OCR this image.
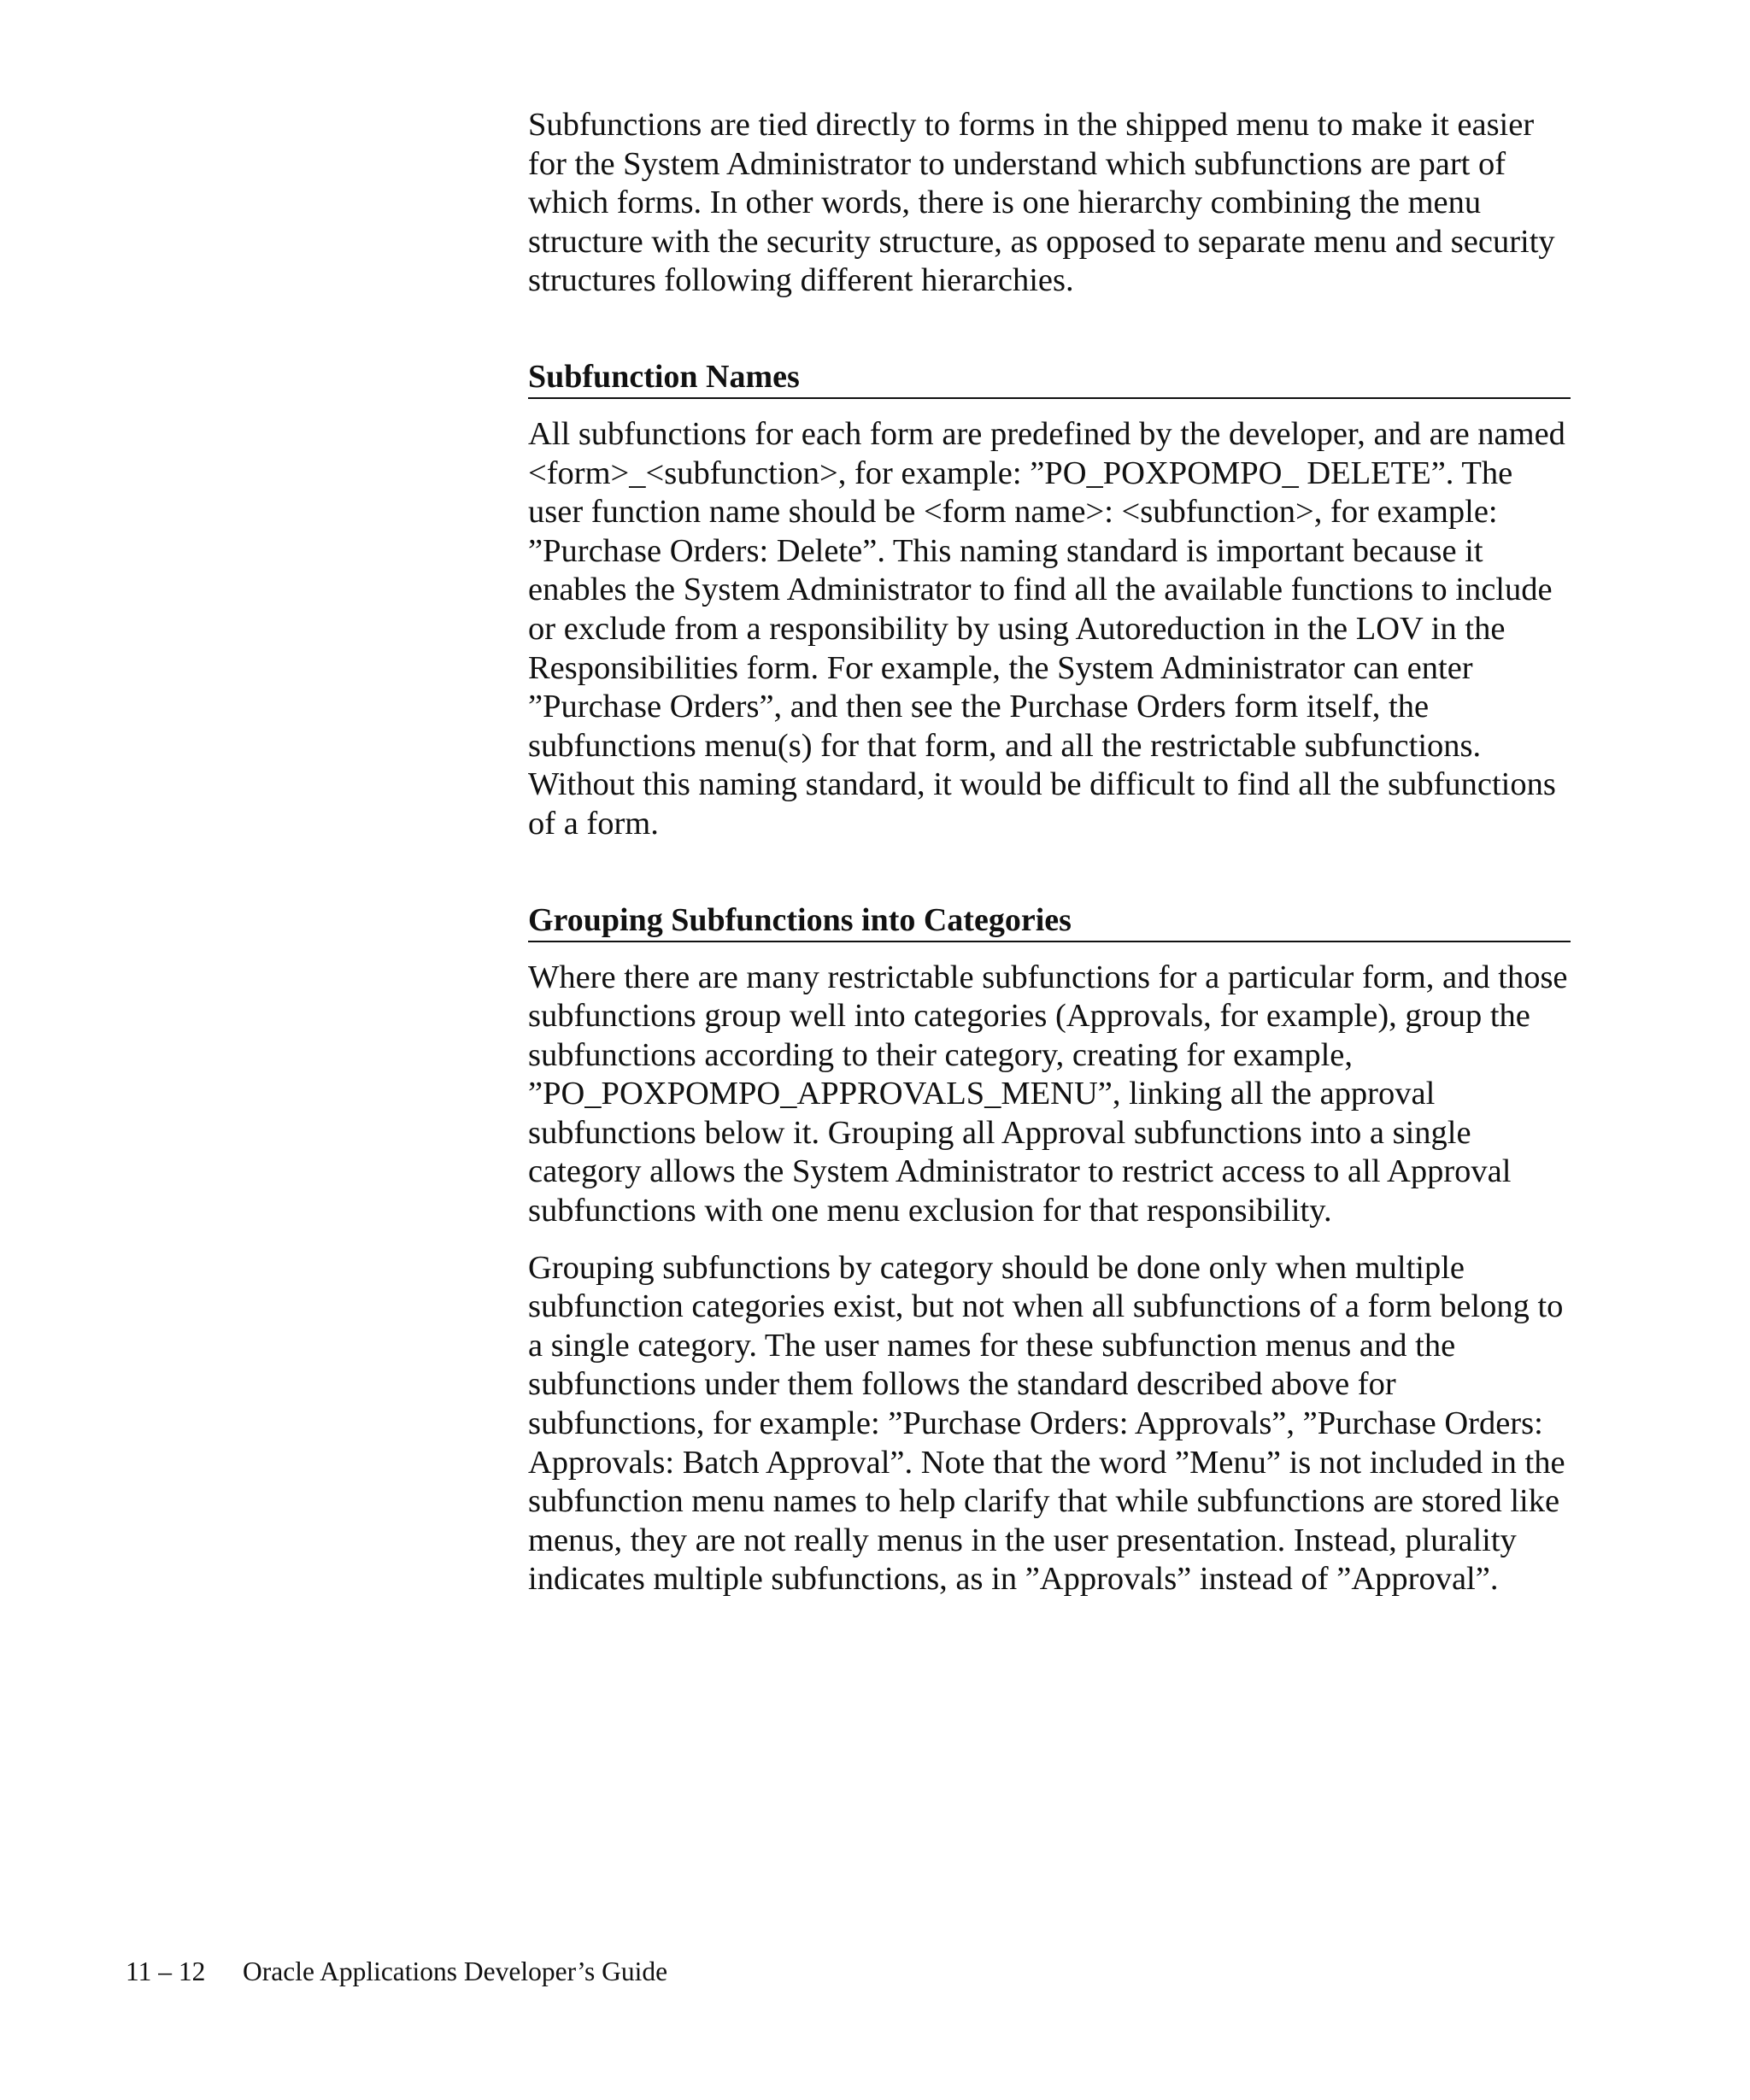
Subfunctions are tied directly to forms in the shipped menu to make it easier for the System Administrator to understand which subfunctions are part of which forms. In other words, there is one hierarchy combining the menu structure with the security structure, as opposed to separate menu and security structures following different hierarchies.

Subfunction Names

All subfunctions for each form are predefined by the developer, and are named <form>_<subfunction>, for example: ”PO_POXPOMPO_ DELETE”. The user function name should be <form name>: <subfunction>, for example: ”Purchase Orders: Delete”. This naming standard is important because it enables the System Administrator to find all the available functions to include or exclude from a responsibility by using Autoreduction in the LOV in the Responsibilities form. For example, the System Administrator can enter ”Purchase Orders”, and then see the Purchase Orders form itself, the subfunctions menu(s) for that form, and all the restrictable subfunctions. Without this naming standard, it would be difficult to find all the subfunctions of a form.

Grouping Subfunctions into Categories

Where there are many restrictable subfunctions for a particular form, and those subfunctions group well into categories (Approvals, for example), group the subfunctions according to their category, creating for example, ”PO_POXPOMPO_APPROVALS_MENU”, linking all the approval subfunctions below it. Grouping all Approval subfunctions into a single category allows the System Administrator to restrict access to all Approval subfunctions with one menu exclusion for that responsibility.

Grouping subfunctions by category should be done only when multiple subfunction categories exist, but not when all subfunctions of a form belong to a single category. The user names for these subfunction menus and the subfunctions under them follows the standard described above for subfunctions, for example: ”Purchase Orders: Approvals”, ”Purchase Orders: Approvals: Batch Approval”. Note that the word ”Menu” is not included in the subfunction menu names to help clarify that while subfunctions are stored like menus, they are not really menus in the user presentation. Instead, plurality indicates multiple subfunctions, as in ”Approvals” instead of ”Approval”.

11 – 12 Oracle Applications Developer’s Guide
